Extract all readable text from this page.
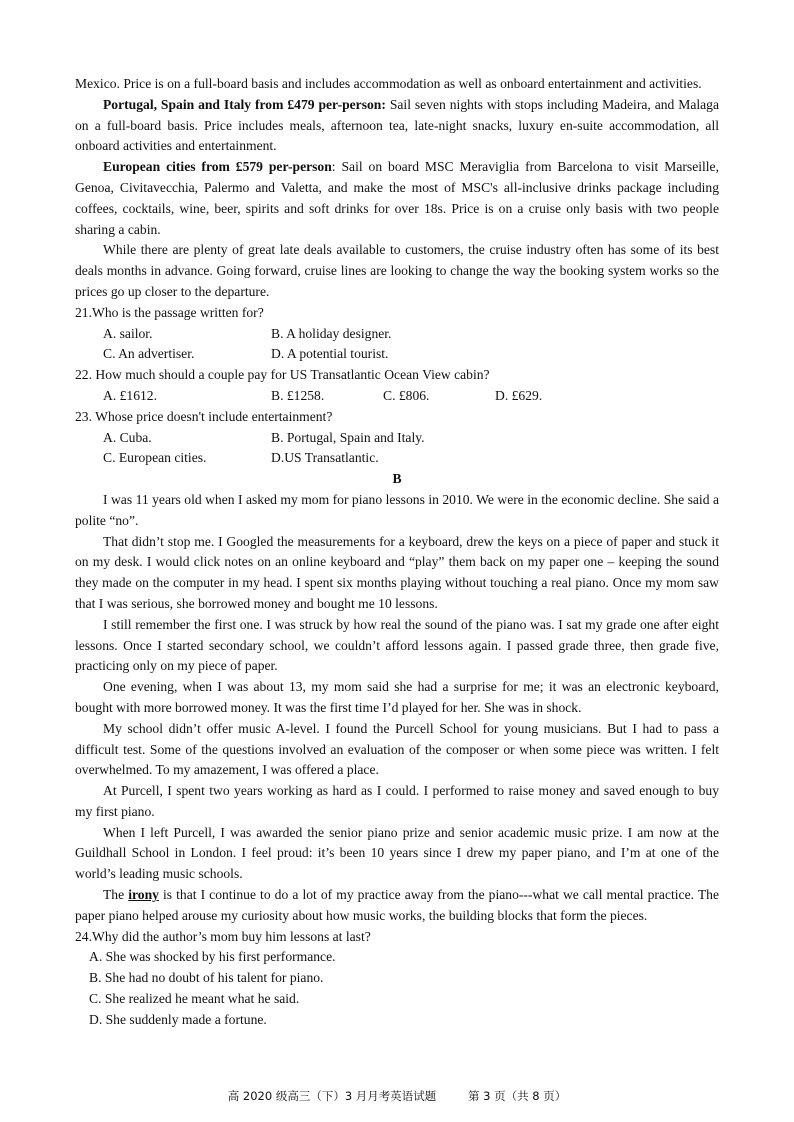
Mexico. Price is on a full-board basis and includes accommodation as well as onboard entertainment and activities.

Portugal, Spain and Italy from £479 per-person: Sail seven nights with stops including Madeira, and Malaga on a full-board basis. Price includes meals, afternoon tea, late-night snacks, luxury en-suite accommodation, all onboard activities and entertainment.

European cities from £579 per-person: Sail on board MSC Meraviglia from Barcelona to visit Marseille, Genoa, Civitavecchia, Palermo and Valetta, and make the most of MSC's all-inclusive drinks package including coffees, cocktails, wine, beer, spirits and soft drinks for over 18s. Price is on a cruise only basis with two people sharing a cabin.

While there are plenty of great late deals available to customers, the cruise industry often has some of its best deals months in advance. Going forward, cruise lines are looking to change the way the booking system works so the prices go up closer to the departure.

21.Who is the passage written for?

A. sailor.	B. A holiday designer.
C. An advertiser.	D. A potential tourist.

22. How much should a couple pay for US Transatlantic Ocean View cabin?

A. £1612.	B. £1258.	C. £806.	D. £629.

23. Whose price doesn't include entertainment?

A. Cuba.	B. Portugal, Spain and Italy.
C. European cities.	D.US Transatlantic.

B

I was 11 years old when I asked my mom for piano lessons in 2010. We were in the economic decline. She said a polite “no”.

That didn’t stop me. I Googled the measurements for a keyboard, drew the keys on a piece of paper and stuck it on my desk. I would click notes on an online keyboard and “play” them back on my paper one – keeping the sound they made on the computer in my head. I spent six months playing without touching a real piano. Once my mom saw that I was serious, she borrowed money and bought me 10 lessons.

I still remember the first one. I was struck by how real the sound of the piano was. I sat my grade one after eight lessons. Once I started secondary school, we couldn’t afford lessons again. I passed grade three, then grade five, practicing only on my piece of paper.

One evening, when I was about 13, my mom said she had a surprise for me; it was an electronic keyboard, bought with more borrowed money. It was the first time I’d played for her. She was in shock.

My school didn’t offer music A-level. I found the Purcell School for young musicians. But I had to pass a difficult test. Some of the questions involved an evaluation of the composer or when some piece was written. I felt overwhelmed. To my amazement, I was offered a place.

At Purcell, I spent two years working as hard as I could. I performed to raise money and saved enough to buy my first piano.

When I left Purcell, I was awarded the senior piano prize and senior academic music prize. I am now at the Guildhall School in London. I feel proud: it’s been 10 years since I drew my paper piano, and I’m at one of the world’s leading music schools.

The irony is that I continue to do a lot of my practice away from the piano---what we call mental practice. The paper piano helped arouse my curiosity about how music works, the building blocks that form the pieces.

24.Why did the author’s mom buy him lessons at last?

A. She was shocked by his first performance.

B. She had no doubt of his talent for piano.

C. She realized he meant what he said.

D. She suddenly made a fortune.

高 2020 级高三（下）3 月月考英语试题	第 3 页（共 8 页）
